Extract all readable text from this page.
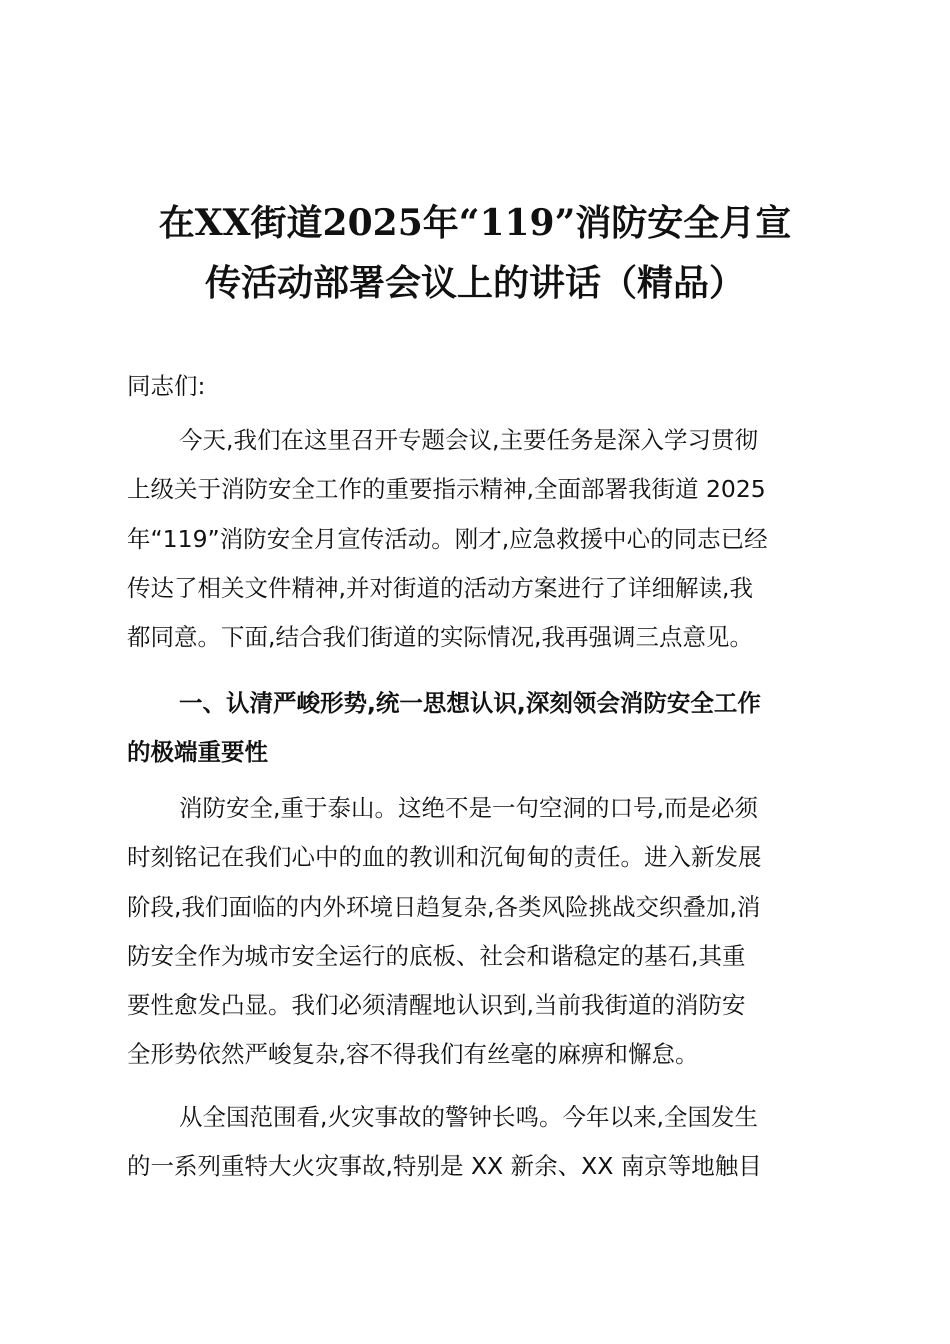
在XX街道2025年“119”消防安全月宣
传活动部署会议上的讲话（精品）
同志们:
今天,我们在这里召开专题会议,主要任务是深入学习贯彻
上级关于消防安全工作的重要指示精神,全面部署我街道 2025
年“119”消防安全月宣传活动。刚才,应急救援中心的同志已经
传达了相关文件精神,并对街道的活动方案进行了详细解读,我
都同意。下面,结合我们街道的实际情况,我再强调三点意见。
一、认清严峻形势,统一思想认识,深刻领会消防安全工作
的极端重要性
消防安全,重于泰山。这绝不是一句空洞的口号,而是必须
时刻铭记在我们心中的血的教训和沉甸甸的责任。进入新发展
阶段,我们面临的内外环境日趋复杂,各类风险挑战交织叠加,消
防安全作为城市安全运行的底板、社会和谐稳定的基石,其重
要性愈发凸显。我们必须清醒地认识到,当前我街道的消防安
全形势依然严峻复杂,容不得我们有丝毫的麻痹和懈怠。
从全国范围看,火灾事故的警钟长鸣。今年以来,全国发生
的一系列重特大火灾事故,特别是 XX 新余、XX 南京等地触目
